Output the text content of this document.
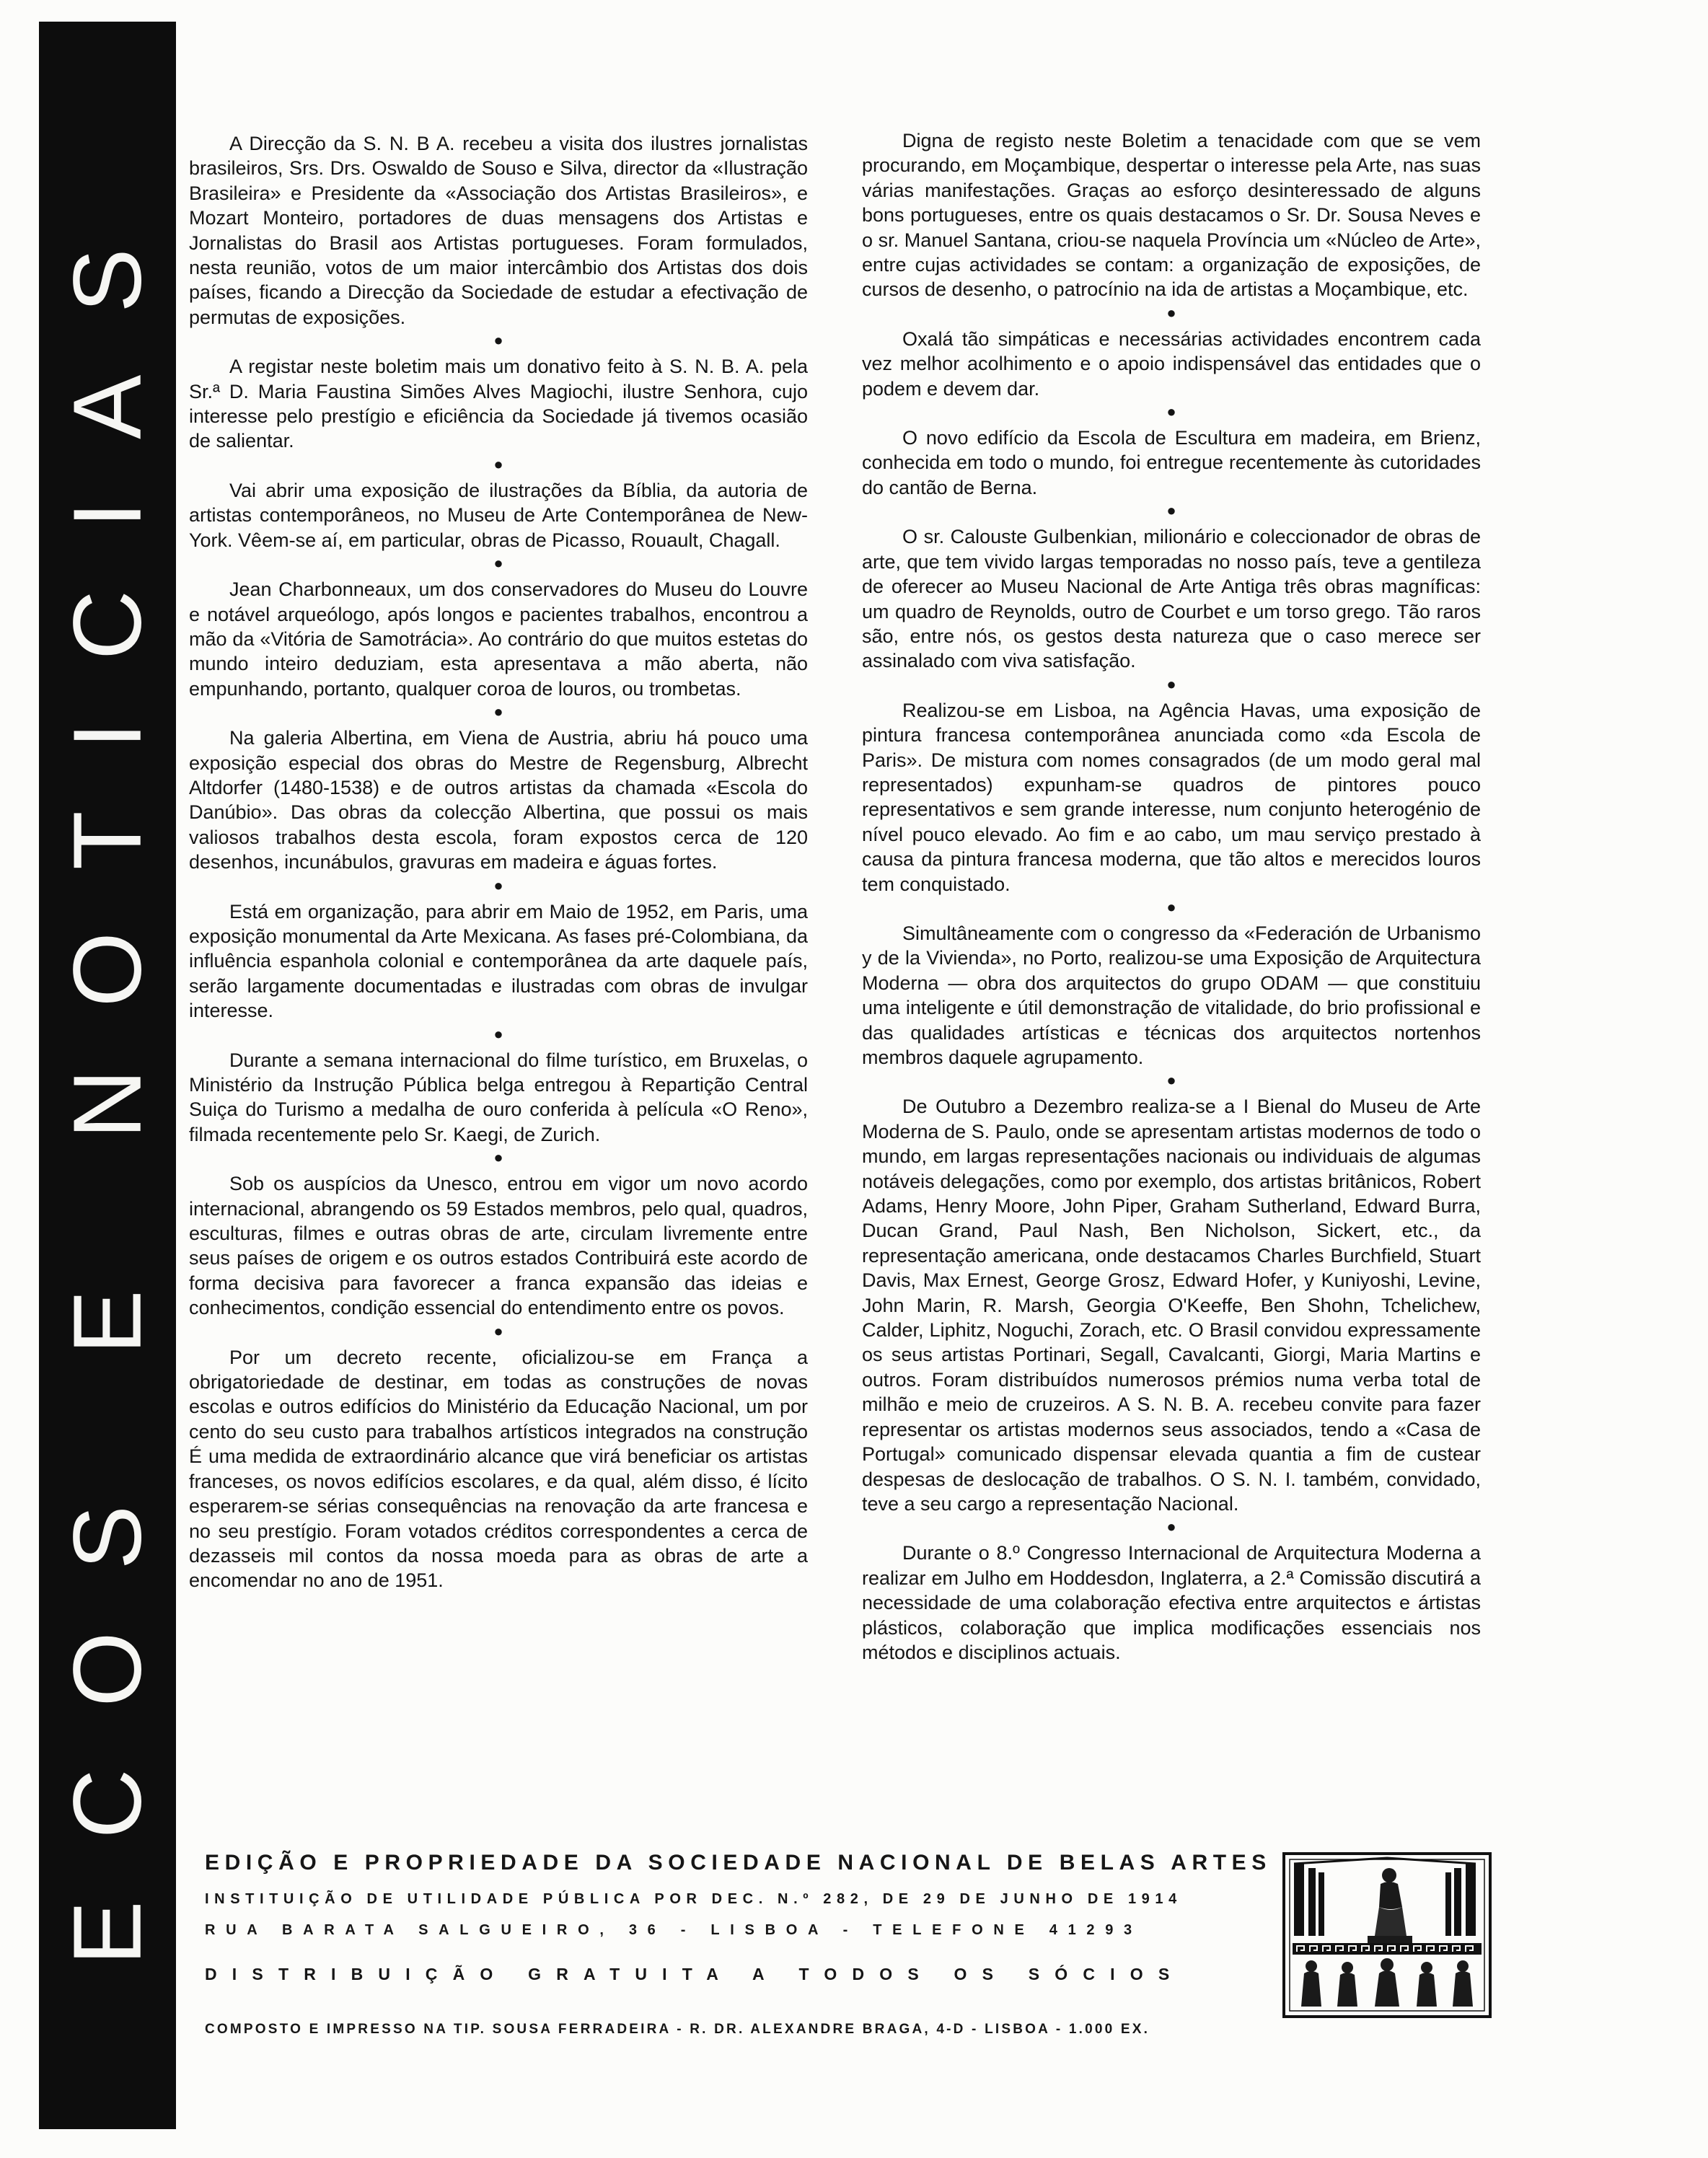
ECOS E NOTICIAS

A Direcção da S. N. B A. recebeu a visita dos ilustres jornalistas brasileiros, Srs. Drs. Oswaldo de Souso e Silva, director da «Ilustração Brasileira» e Presidente da «Associação dos Artistas Brasileiros», e Mozart Monteiro, portadores de duas mensagens dos Artistas e Jornalistas do Brasil aos Artistas portugueses. Foram formulados, nesta reunião, votos de um maior intercâmbio dos Artistas dos dois países, ficando a Direcção da Sociedade de estudar a efectivação de permutas de exposições.

●

A registar neste boletim mais um donativo feito à S. N. B. A. pela Sr.ª D. Maria Faustina Simões Alves Magiochi, ilustre Senhora, cujo interesse pelo prestígio e eficiência da Sociedade já tivemos ocasião de salientar.

●

Vai abrir uma exposição de ilustrações da Bíblia, da autoria de artistas contemporâneos, no Museu de Arte Contemporânea de New-York. Vêem-se aí, em particular, obras de Picasso, Rouault, Chagall.

●

Jean Charbonneaux, um dos conservadores do Museu do Louvre e notável arqueólogo, após longos e pacientes trabalhos, encontrou a mão da «Vitória de Samotrácia». Ao contrário do que muitos estetas do mundo inteiro deduziam, esta apresentava a mão aberta, não empunhando, portanto, qualquer coroa de louros, ou trombetas.

●

Na galeria Albertina, em Viena de Austria, abriu há pouco uma exposição especial dos obras do Mestre de Regensburg, Albrecht Altdorfer (1480-1538) e de outros artistas da chamada «Escola do Danúbio». Das obras da colecção Albertina, que possui os mais valiosos trabalhos desta escola, foram expostos cerca de 120 desenhos, incunábulos, gravuras em madeira e águas fortes.

●

Está em organização, para abrir em Maio de 1952, em Paris, uma exposição monumental da Arte Mexicana. As fases pré-Colombiana, da influência espanhola colonial e contemporânea da arte daquele país, serão largamente documentadas e ilustradas com obras de invulgar interesse.

●

Durante a semana internacional do filme turístico, em Bruxelas, o Ministério da Instrução Pública belga entregou à Repartição Central Suiça do Turismo a medalha de ouro conferida à película «O Reno», filmada recentemente pelo Sr. Kaegi, de Zurich.

●

Sob os auspícios da Unesco, entrou em vigor um novo acordo internacional, abrangendo os 59 Estados membros, pelo qual, quadros, esculturas, filmes e outras obras de arte, circulam livremente entre seus países de origem e os outros estados Contribuirá este acordo de forma decisiva para favorecer a franca expansão das ideias e conhecimentos, condição essencial do entendimento entre os povos.

●

Por um decreto recente, oficializou-se em França a obrigatoriedade de destinar, em todas as construções de novas escolas e outros edifícios do Ministério da Educação Nacional, um por cento do seu custo para trabalhos artísticos integrados na construção É uma medida de extraordinário alcance que virá beneficiar os artistas franceses, os novos edifícios escolares, e da qual, além disso, é lícito esperarem-se sérias consequências na renovação da arte francesa e no seu prestígio. Foram votados créditos correspondentes a cerca de dezasseis mil contos da nossa moeda para as obras de arte a encomendar no ano de 1951.

Digna de registo neste Boletim a tenacidade com que se vem procurando, em Moçambique, despertar o interesse pela Arte, nas suas várias manifestações. Graças ao esforço desinteressado de alguns bons portugueses, entre os quais destacamos o Sr. Dr. Sousa Neves e o sr. Manuel Santana, criou-se naquela Província um «Núcleo de Arte», entre cujas actividades se contam: a organização de exposições, de cursos de desenho, o patrocínio na ida de artistas a Moçambique, etc.

●

Oxalá tão simpáticas e necessárias actividades encontrem cada vez melhor acolhimento e o apoio indispensável das entidades que o podem e devem dar.

●

O novo edifício da Escola de Escultura em madeira, em Brienz, conhecida em todo o mundo, foi entregue recentemente às cutoridades do cantão de Berna.

●

O sr. Calouste Gulbenkian, milionário e coleccionador de obras de arte, que tem vivido largas temporadas no nosso país, teve a gentileza de oferecer ao Museu Nacional de Arte Antiga três obras magníficas: um quadro de Reynolds, outro de Courbet e um torso grego. Tão raros são, entre nós, os gestos desta natureza que o caso merece ser assinalado com viva satisfação.

●

Realizou-se em Lisboa, na Agência Havas, uma exposição de pintura francesa contemporânea anunciada como «da Escola de Paris». De mistura com nomes consagrados (de um modo geral mal representados) expunham-se quadros de pintores pouco representativos e sem grande interesse, num conjunto heterogénio de nível pouco elevado. Ao fim e ao cabo, um mau serviço prestado à causa da pintura francesa moderna, que tão altos e merecidos louros tem conquistado.

●

Simultâneamente com o congresso da «Federación de Urbanismo y de la Vivienda», no Porto, realizou-se uma Exposição de Arquitectura Moderna — obra dos arquitectos do grupo ODAM — que constituiu uma inteligente e útil demonstração de vitalidade, do brio profissional e das qualidades artísticas e técnicas dos arquitectos nortenhos membros daquele agrupamento.

●

De Outubro a Dezembro realiza-se a I Bienal do Museu de Arte Moderna de S. Paulo, onde se apresentam artistas modernos de todo o mundo, em largas representações nacionais ou individuais de algumas notáveis delegações, como por exemplo, dos artistas britânicos, Robert Adams, Henry Moore, John Piper, Graham Sutherland, Edward Burra, Ducan Grand, Paul Nash, Ben Nicholson, Sickert, etc., da representação americana, onde destacamos Charles Burchfield, Stuart Davis, Max Ernest, George Grosz, Edward Hofer, y Kuniyoshi, Levine, John Marin, R. Marsh, Georgia O'Keeffe, Ben Shohn, Tchelichew, Calder, Liphitz, Noguchi, Zorach, etc. O Brasil convidou expressamente os seus artistas Portinari, Segall, Cavalcanti, Giorgi, Maria Martins e outros. Foram distribuídos numerosos prémios numa verba total de milhão e meio de cruzeiros. A S. N. B. A. recebeu convite para fazer representar os artistas modernos seus associados, tendo a «Casa de Portugal» comunicado dispensar elevada quantia a fim de custear despesas de deslocação de trabalhos. O S. N. I. também, convidado, teve a seu cargo a representação Nacional.

●

Durante o 8.º Congresso Internacional de Arquitectura Moderna a realizar em Julho em Hoddesdon, Inglaterra, a 2.ª Comissão discutirá a necessidade de uma colaboração efectiva entre arquitectos e ártistas plásticos, colaboração que implica modificações essenciais nos métodos e disciplinos actuais.

EDIÇÃO E PROPRIEDADE DA SOCIEDADE NACIONAL DE BELAS ARTES
INSTITUIÇÃO DE UTILIDADE PÚBLICA POR DEC. N.º 282, DE 29 DE JUNHO DE 1914
RUA BARATA SALGUEIRO, 36 - LISBOA - TELEFONE 41293
DISTRIBUIÇÃO GRATUITA A TODOS OS SÓCIOS
COMPOSTO E IMPRESSO NA TIP. SOUSA FERRADEIRA - R. DR. ALEXANDRE BRAGA, 4-D - LISBOA - 1.000 EX.
